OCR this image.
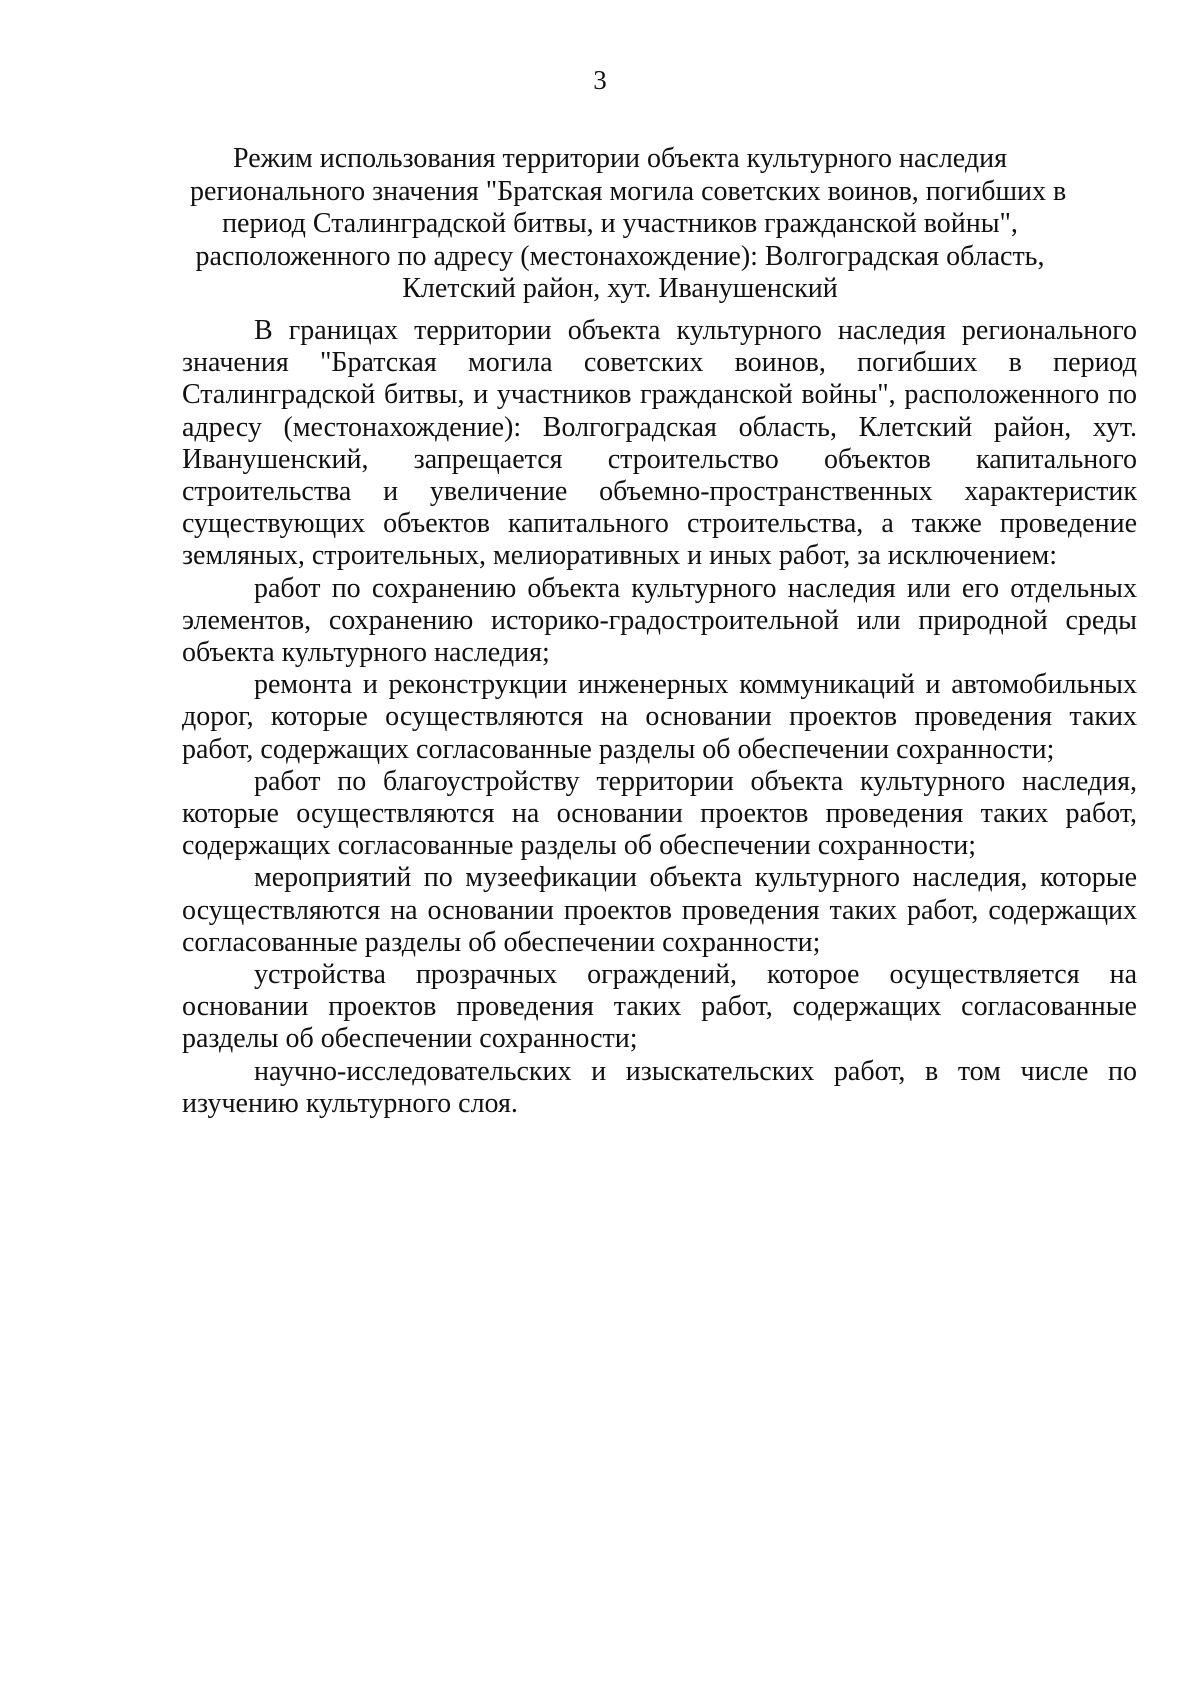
3
Режим использования территории объекта культурного наследия
регионального значения "Братская могила советских воинов, погибших в
период Сталинградской битвы, и участников гражданской войны",
расположенного по адресу (местонахождение): Волгоградская область,
Клетский район, хут. Иванушенский

В границах территории объекта культурного наследия регионального значения "Братская могила советских воинов, погибших в период Сталинградской битвы, и участников гражданской войны", расположенного по адресу (местонахождение): Волгоградская область, Клетский район, хут. Иванушенский, запрещается строительство объектов капитального строительства и увеличение объемно-пространственных характеристик существующих объектов капитального строительства, а также проведение земляных, строительных, мелиоративных и иных работ, за исключением:

работ по сохранению объекта культурного наследия или его отдельных элементов, сохранению историко-градостроительной или природной среды объекта культурного наследия;

ремонта и реконструкции инженерных коммуникаций и автомобильных дорог, которые осуществляются на основании проектов проведения таких работ, содержащих согласованные разделы об обеспечении сохранности;

работ по благоустройству территории объекта культурного наследия, которые осуществляются на основании проектов проведения таких работ, содержащих согласованные разделы об обеспечении сохранности;

мероприятий по музеефикации объекта культурного наследия, которые осуществляются на основании проектов проведения таких работ, содержащих согласованные разделы об обеспечении сохранности;

устройства прозрачных ограждений, которое осуществляется на основании проектов проведения таких работ, содержащих согласованные разделы об обеспечении сохранности;

научно-исследовательских и изыскательских работ, в том числе по изучению культурного слоя.
